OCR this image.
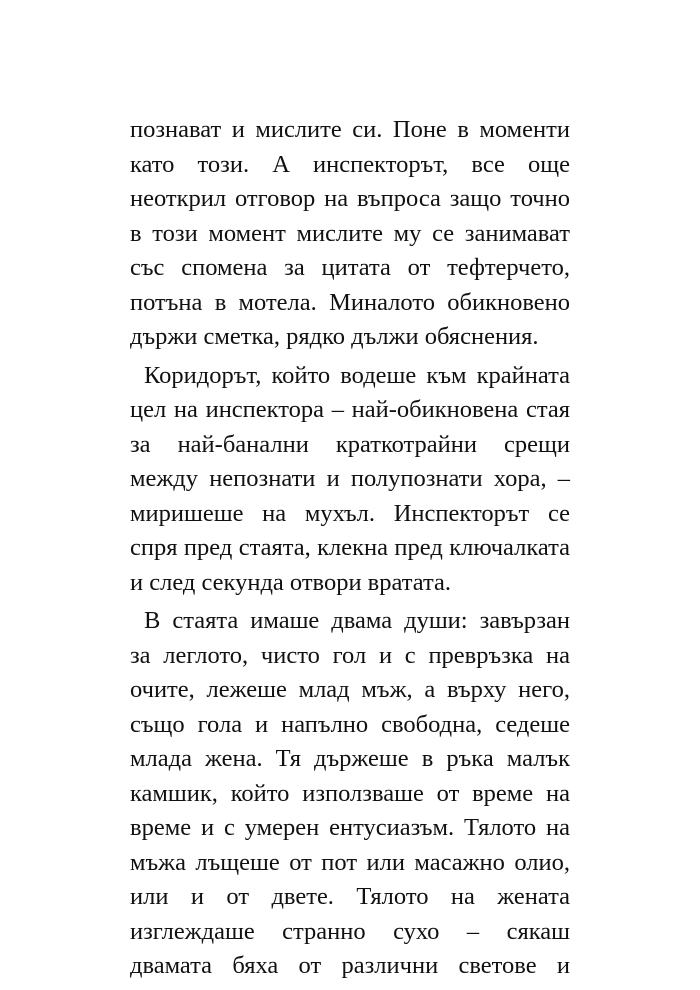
познават и мислите си. Поне в моменти
като този. А инспекторът, все още
неоткрил отговор на въпроса защо точно
в този момент мислите му се занимават
със спомена за цитата от тефтерчето,
потъна в мотела. Миналото обикновено
държи сметка, рядко дължи обяснения.
Коридорът, който водеше към крайната
цел на инспектора – най-обикновена стая
за най-банални краткотрайни срещи
между непознати и полупознати хора, –
миришеше на мухъл. Инспекторът се
спря пред стаята, клекна пред ключалката
и след секунда отвори вратата.
В стаята имаше двама души: завързан
за леглото, чисто гол и с превръзка на
очите, лежеше млад мъж, а върху него,
също гола и напълно свободна, седеше
млада жена. Тя държеше в ръка малък
камшик, който използваше от време на
време и с умерен ентусиазъм. Тялото на
мъжа лъщеше от пот или масажно олио,
или и от двете. Тялото на жената
изглеждаше странно сухо – сякаш
двамата бяха от различни светове и
